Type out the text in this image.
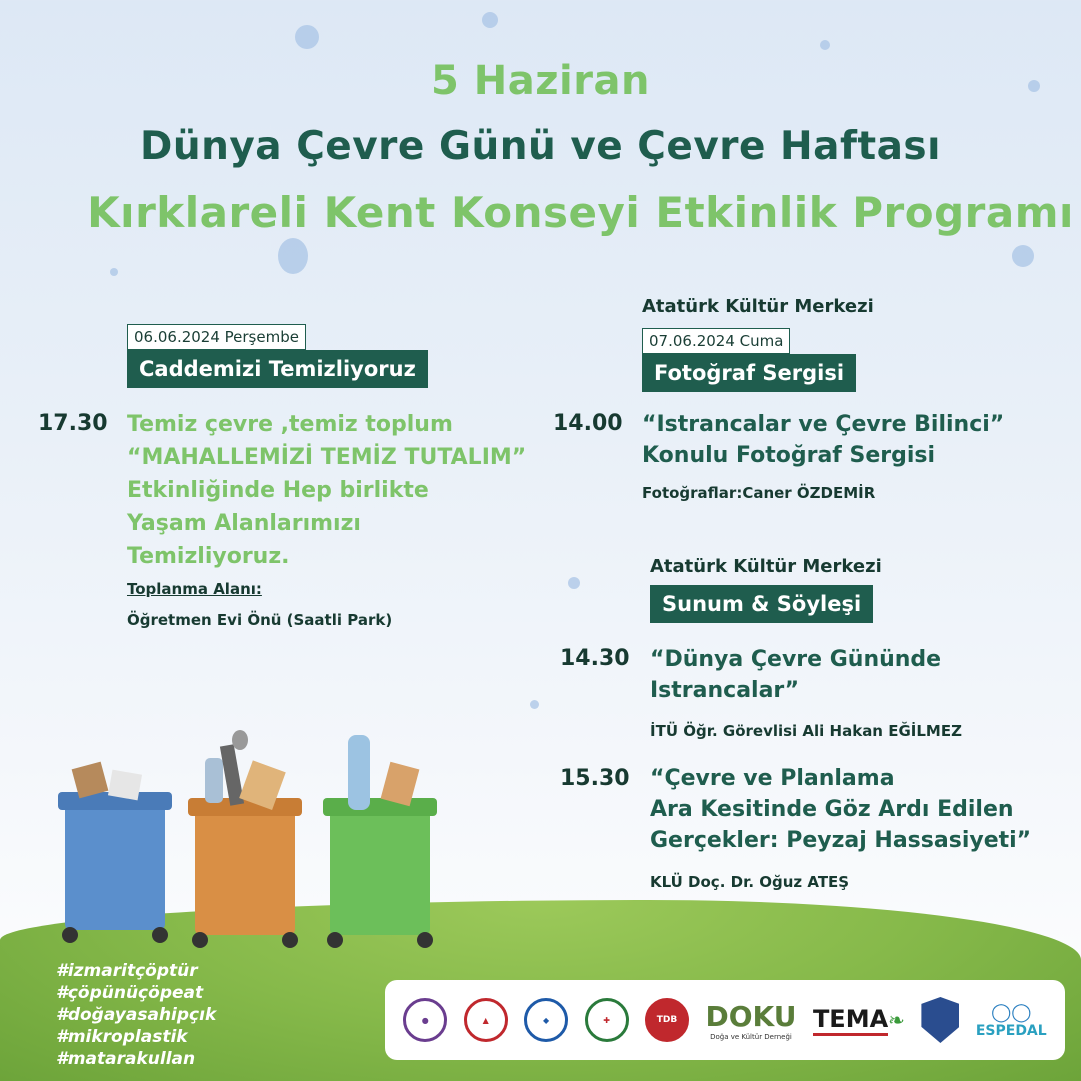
5 Haziran
Dünya Çevre Günü ve Çevre Haftası
Kırklareli Kent Konseyi Etkinlik Programı
06.06.2024 Perşembe
Caddemizi Temizliyoruz
17.30 Temiz çevre ,temiz toplum
“MAHALLEMİZİ TEMİZ TUTALIM”
Etkinliğinde Hep birlikte
Yaşam Alanlarımızı
Temizliyoruz.
Toplanma Alanı:
Öğretmen Evi Önü (Saatli Park)
Atatürk Kültür Merkezi
07.06.2024 Cuma
Fotoğraf Sergisi
14.00 “Istrancalar ve Çevre Bilinci”
Konulu Fotoğraf Sergisi
Fotoğraflar:Caner ÖZDEMİR
Atatürk Kültür Merkezi
Sunum & Söyleşi
14.30 “Dünya Çevre Gününde
Istrancalar”
İTÜ Öğr. Görevlisi Ali Hakan EĞİLMEZ
15.30 “Çevre ve Planlama
Ara Kesitinde Göz Ardı Edilen
Gerçekler: Peyzaj Hassasiyeti”
KLÜ Doç. Dr. Oğuz ATEŞ
#izmaritçöptür
#çöpünüçöpeat
#doğayasahipçık
#mikroplastik
#matarakullan
●	▲	◆	✚	TDB	DOKU
Doğa ve Kültür Derneği
TEMA ❧	◯◯
ESPEDAL
